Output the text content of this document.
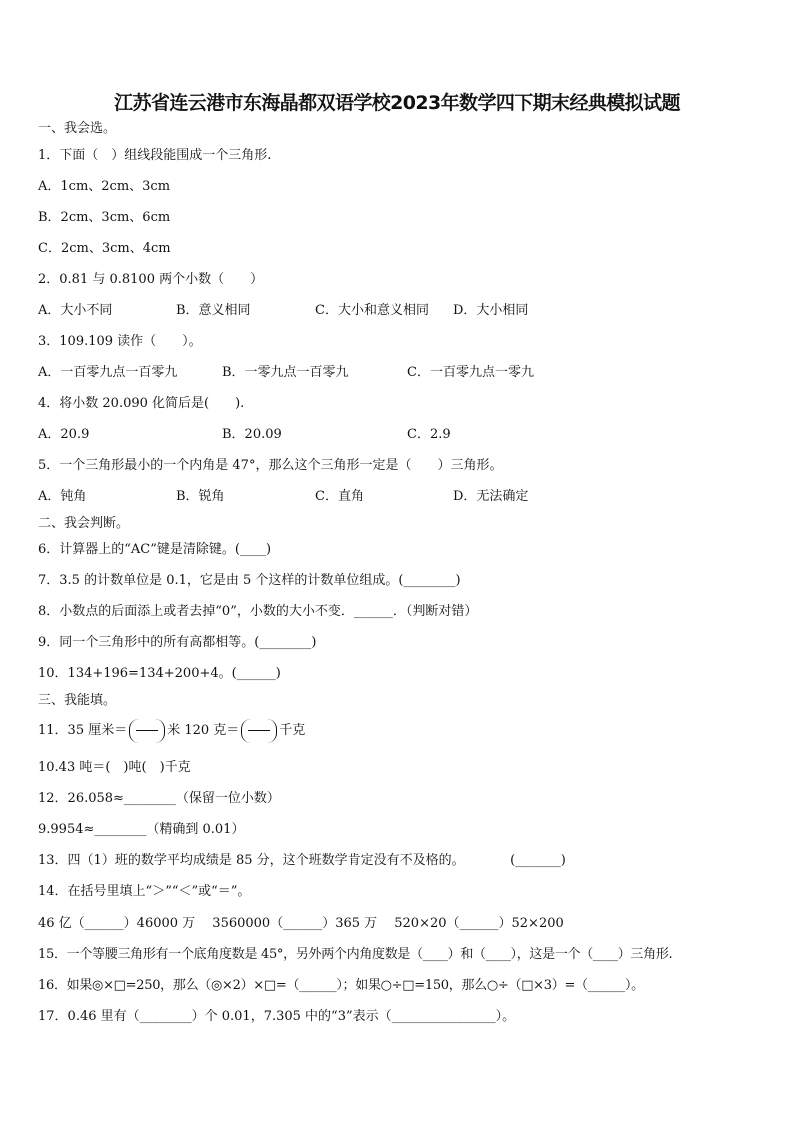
江苏省连云港市东海晶都双语学校2023年数学四下期末经典模拟试题
一、我会选。
1．下面（　）组线段能围成一个三角形.
A．1cm、2cm、3cm
B．2cm、3cm、6cm
C．2cm、3cm、4cm
2．0.81 与 0.8100 两个小数（　　）
A．大小不同	B．意义相同	C．大小和意义相同 D．大小相同
3．109.109 读作（　　）。
A．一百零九点一百零九	B．一零九点一百零九	C．一百零九点一零九
4．将小数 20.090 化简后是(　　).
A．20.9	B．20.09	C．2.9
5．一个三角形最小的一个内角是 47°，那么这个三角形一定是（　　）三角形。
A．钝角	B．锐角	C．直角	D．无法确定
二、我会判断。
6．计算器上的“AC”键是清除键。(____)
7．3.5 的计数单位是 0.1，它是由 5 个这样的计数单位组成。(________)
8．小数点的后面添上或者去掉“0”，小数的大小不变．______．（判断对错）
9．同一个三角形中的所有高都相等。(________)
10．134+196=134+200+4。(______)
三、我能填。
11．35 厘米＝	米 120 克＝	千克
10.43 吨＝(　)吨(　)千克
12．26.058≈________（保留一位小数）
9.9954≈________（精确到 0.01）
13．四（1）班的数学平均成绩是 85 分，这个班数学肯定没有不及格的。　　　　(_______)
14．在括号里填上“＞”“＜”或“＝”。
46 亿（______）46000 万　 3560000（______）365 万　 520×20（______）52×200
15．一个等腰三角形有一个底角度数是 45°，另外两个内角度数是（____）和（____），这是一个（____）三角形.
16．如果◎×□=250，那么（◎×2）×□=（______）；如果○÷□=150，那么○÷（□×3）=（______）。
17．0.46 里有（________）个 0.01，7.305 中的“3”表示（________________）。
